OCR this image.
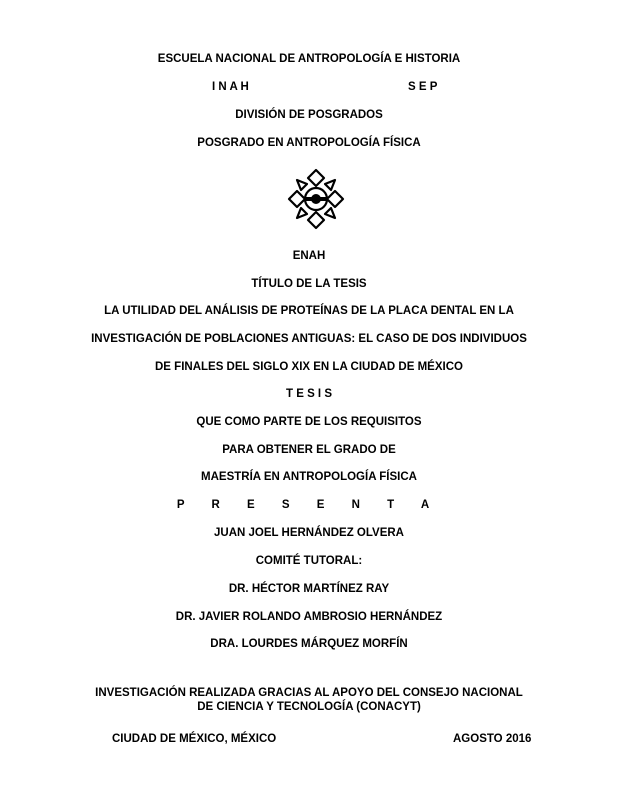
ESCUELA NACIONAL DE ANTROPOLOGÍA E HISTORIA
I N A H	S E P
DIVISIÓN DE POSGRADOS
POSGRADO EN ANTROPOLOGÍA FÍSICA
ENAH
TÍTULO DE LA TESIS
LA UTILIDAD DEL ANÁLISIS DE PROTEÍNAS DE LA PLACA DENTAL EN LA
INVESTIGACIÓN DE POBLACIONES ANTIGUAS: EL CASO DE DOS INDIVIDUOS
DE FINALES DEL SIGLO XIX EN LA CIUDAD DE MÉXICO
T E S I S
QUE COMO PARTE DE LOS REQUISITOS
PARA OBTENER EL GRADO DE
MAESTRÍA EN ANTROPOLOGÍA FÍSICA
P R E S E N T A
JUAN JOEL HERNÁNDEZ OLVERA
COMITÉ TUTORAL:
DR. HÉCTOR MARTÍNEZ RAY
DR. JAVIER ROLANDO AMBROSIO HERNÁNDEZ
DRA. LOURDES MÁRQUEZ MORFÍN
INVESTIGACIÓN REALIZADA GRACIAS AL APOYO DEL CONSEJO NACIONAL
DE CIENCIA Y TECNOLOGÍA (CONACYT)
CIUDAD DE MÉXICO, MÉXICO	AGOSTO 2016
